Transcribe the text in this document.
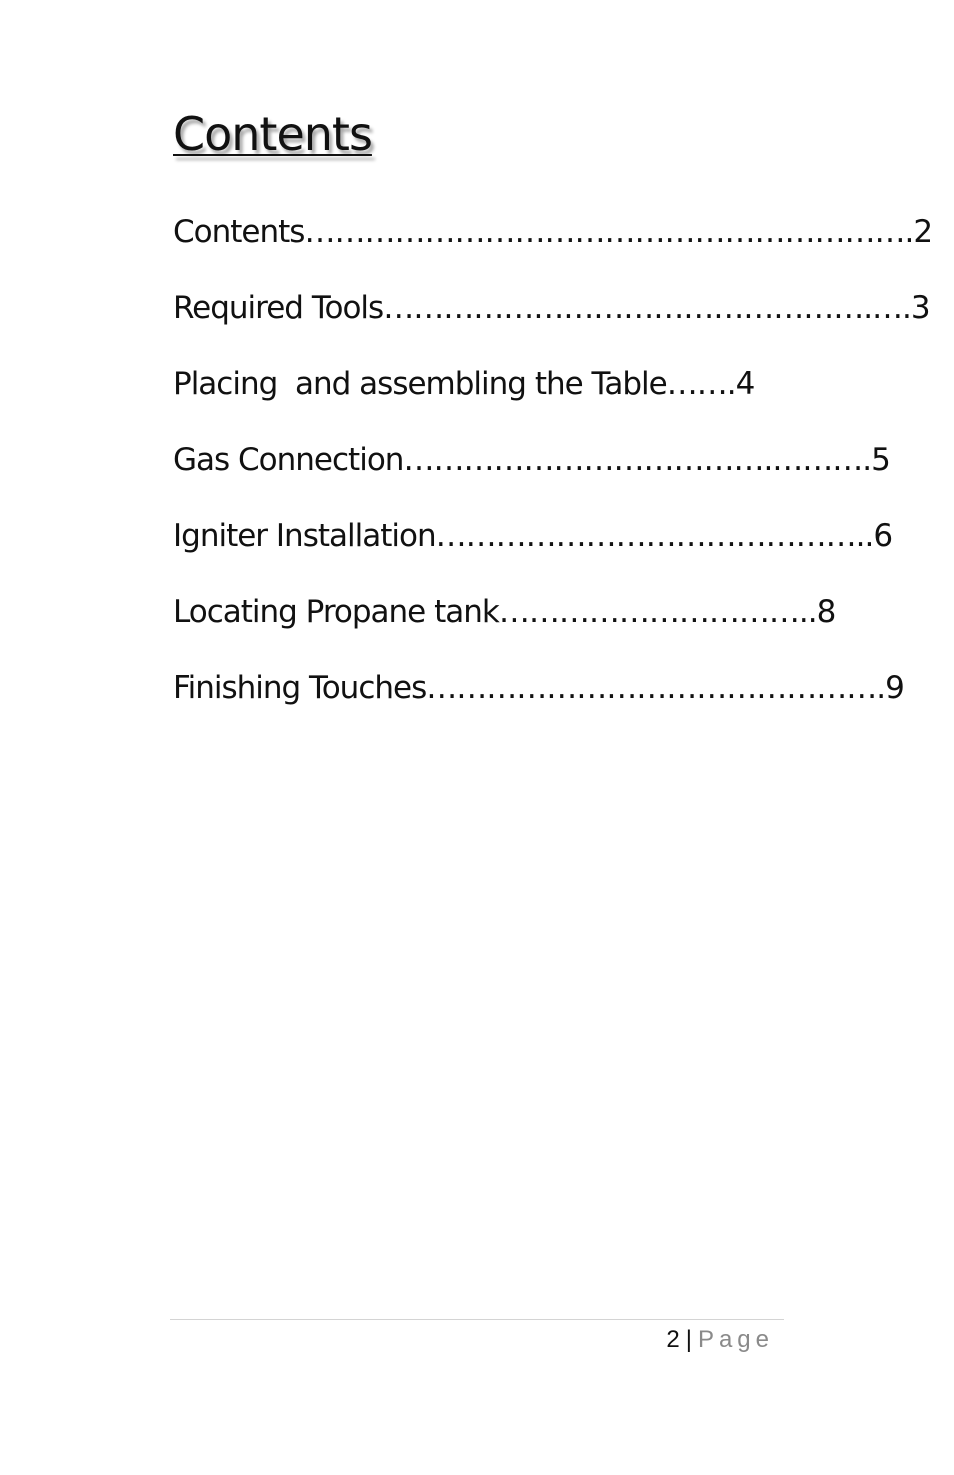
Contents
Contents…………………………………………………….2
Required Tools………………………………………….….3
Placing  and assembling the Table…….4
Gas Connection……………………………….……….5
Igniter Installation……………………………………..6
Locating Propane tank…………………………..8
Finishing Touches……………………………………….9
2 | Page
